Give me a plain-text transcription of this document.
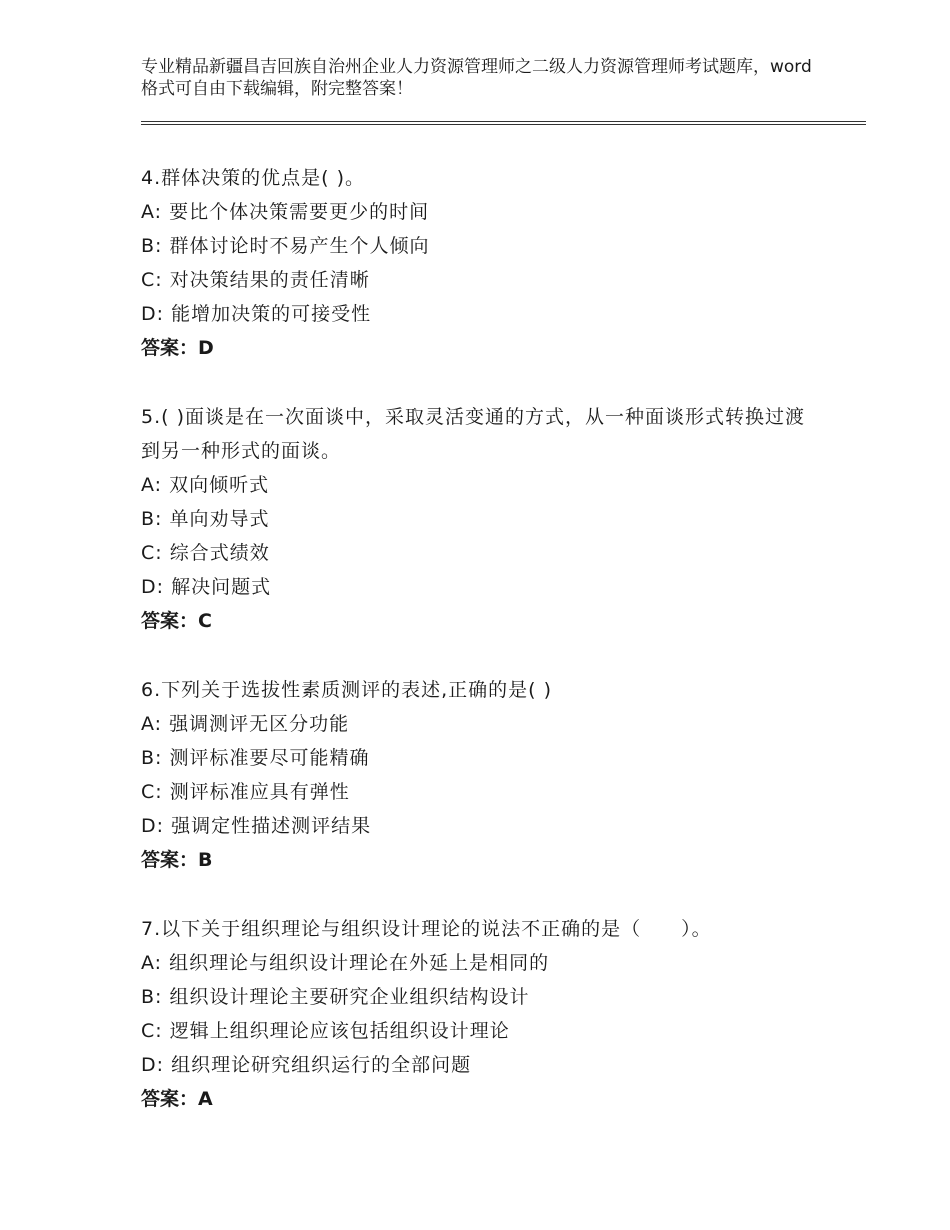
专业精品新疆昌吉回族自治州企业人力资源管理师之二级人力资源管理师考试题库，word格式可自由下载编辑，附完整答案！
4.群体决策的优点是( )。
A: 要比个体决策需要更少的时间
B: 群体讨论时不易产生个人倾向
C: 对决策结果的责任清晰
D: 能增加决策的可接受性
答案：D
5.( )面谈是在一次面谈中，采取灵活变通的方式，从一种面谈形式转换过渡到另一种形式的面谈。
A: 双向倾听式
B: 单向劝导式
C: 综合式绩效
D: 解决问题式
答案：C
6.下列关于选拔性素质测评的表述,正确的是( )
A: 强调测评无区分功能
B: 测评标准要尽可能精确
C: 测评标准应具有弹性
D: 强调定性描述测评结果
答案：B
7.以下关于组织理论与组织设计理论的说法不正确的是（　　）。
A: 组织理论与组织设计理论在外延上是相同的
B: 组织设计理论主要研究企业组织结构设计
C: 逻辑上组织理论应该包括组织设计理论
D: 组织理论研究组织运行的全部问题
答案：A
